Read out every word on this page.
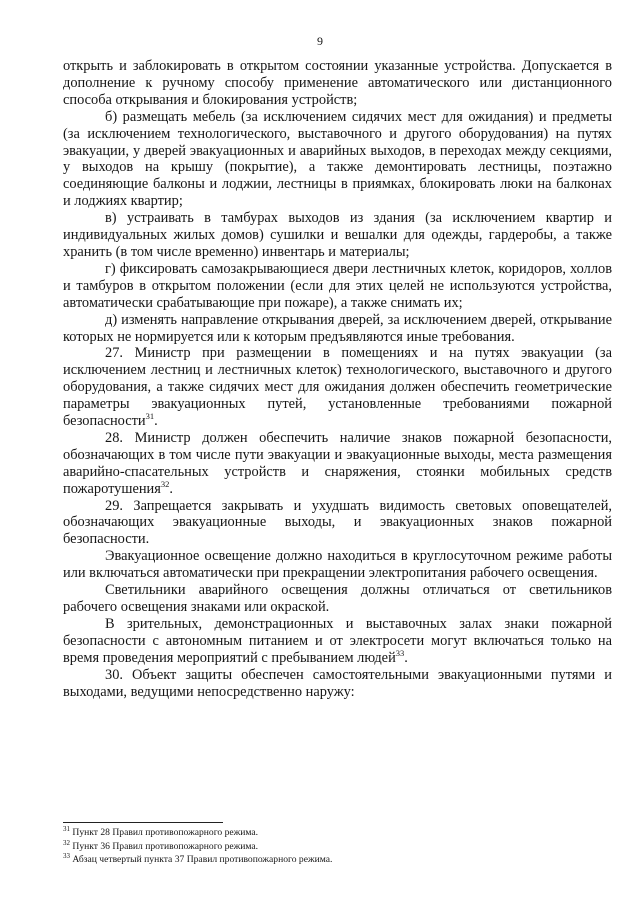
9

открыть и заблокировать в открытом состоянии указанные устройства. Допускается в дополнение к ручному способу применение автоматического или дистанционного способа открывания и блокирования устройств;

б) размещать мебель (за исключением сидячих мест для ожидания) и предметы (за исключением технологического, выставочного и другого оборудования) на путях эвакуации, у дверей эвакуационных и аварийных выходов, в переходах между секциями, у выходов на крышу (покрытие), а также демонтировать лестницы, поэтажно соединяющие балконы и лоджии, лестницы в приямках, блокировать люки на балконах и лоджиях квартир;

в) устраивать в тамбурах выходов из здания (за исключением квартир и индивидуальных жилых домов) сушилки и вешалки для одежды, гардеробы, а также хранить (в том числе временно) инвентарь и материалы;

г) фиксировать самозакрывающиеся двери лестничных клеток, коридоров, холлов и тамбуров в открытом положении (если для этих целей не используются устройства, автоматически срабатывающие при пожаре), а также снимать их;

д) изменять направление открывания дверей, за исключением дверей, открывание которых не нормируется или к которым предъявляются иные требования.

27. Министр при размещении в помещениях и на путях эвакуации (за исключением лестниц и лестничных клеток) технологического, выставочного и другого оборудования, а также сидячих мест для ожидания должен обеспечить геометрические параметры эвакуационных путей, установленные требованиями пожарной безопасности$^{31}$.

28. Министр должен обеспечить наличие знаков пожарной безопасности, обозначающих в том числе пути эвакуации и эвакуационные выходы, места размещения аварийно-спасательных устройств и снаряжения, стоянки мобильных средств пожаротушения$^{32}$.

29. Запрещается закрывать и ухудшать видимость световых оповещателей, обозначающих эвакуационные выходы, и эвакуационных знаков пожарной безопасности.

Эвакуационное освещение должно находиться в круглосуточном режиме работы или включаться автоматически при прекращении электропитания рабочего освещения.

Светильники аварийного освещения должны отличаться от светильников рабочего освещения знаками или окраской.

В зрительных, демонстрационных и выставочных залах знаки пожарной безопасности с автономным питанием и от электросети могут включаться только на время проведения мероприятий с пребыванием людей$^{33}$.

30. Объект защиты обеспечен самостоятельными эвакуационными путями и выходами, ведущими непосредственно наружу:

$^{31}$ Пункт 28 Правил противопожарного режима.
$^{32}$ Пункт 36 Правил противопожарного режима.
$^{33}$ Абзац четвертый пункта 37 Правил противопожарного режима.
